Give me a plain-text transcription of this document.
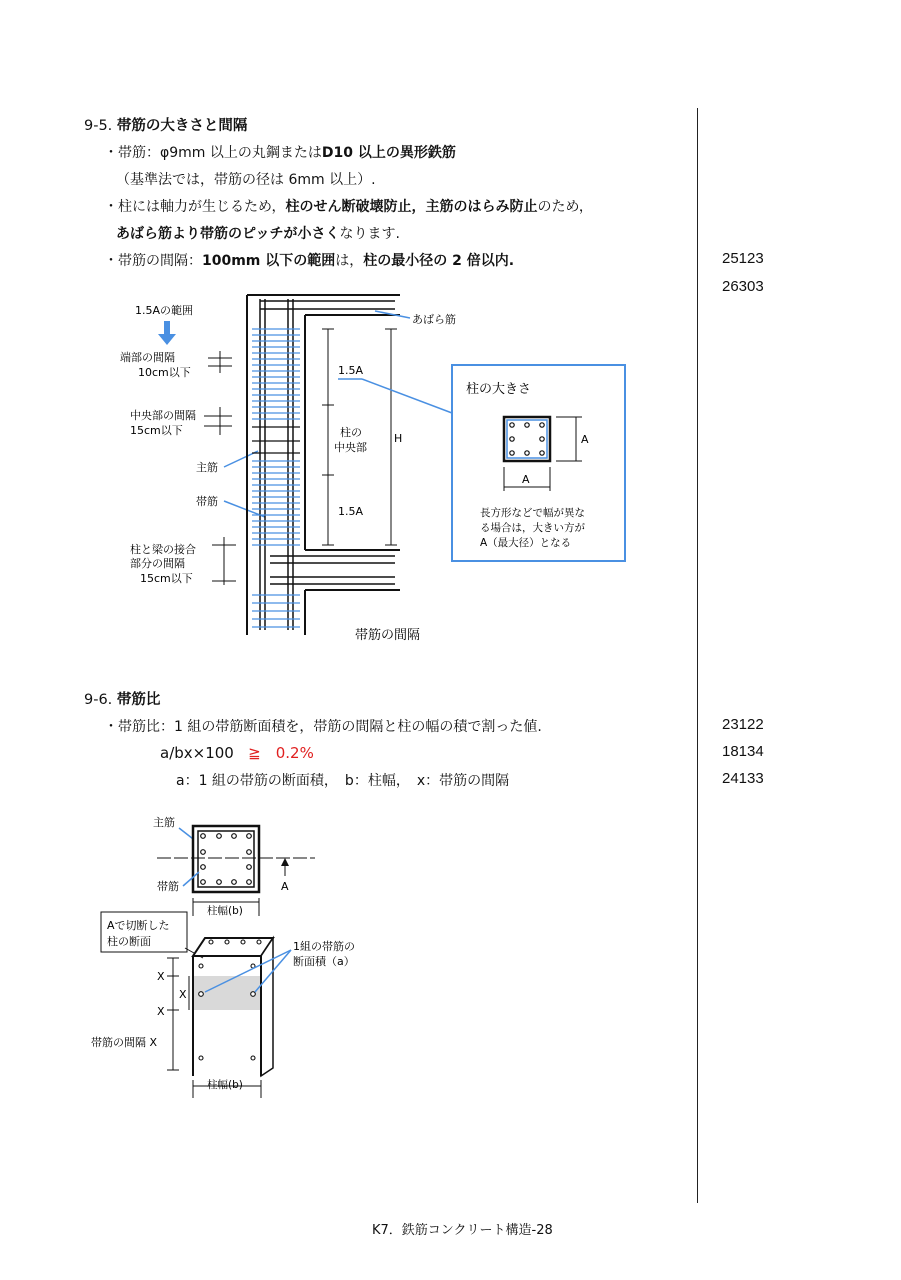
9-5. 帯筋の大きさと間隔
・帯筋：φ9mm 以上の丸鋼またはD10 以上の異形鉄筋
（基準法では，帯筋の径は 6mm 以上）.
・柱には軸力が生じるため，柱のせん断破壊防止，主筋のはらみ防止のため，
あばら筋より帯筋のピッチが小さくなります.
・帯筋の間隔：100mm 以下の範囲は，柱の最小径の 2 倍以内.	25123
26303
1.5Aの範囲
端部の間隔
10cm以下
中央部の間隔
15cm以下
主筋
帯筋
柱と梁の接合
部分の間隔
15cm以下
1.5A
柱の
中央部
1.5A
H
あばら筋
帯筋の間隔
柱の大きさ
A
A
長方形などで幅が異な
る場合は，大きい方が
A（最大径）となる
9-6. 帯筋比
・帯筋比：1 組の帯筋断面積を，帯筋の間隔と柱の幅の積で割った値.
a/bx×100 ≧　0.2%
a：1 組の帯筋の断面積，　b：柱幅，　x：帯筋の間隔
23122
18134
24133
主筋
帯筋	A
柱幅(b)
Aで切断した
柱の断面	1組の帯筋の
断面積（a）
X
X
X
帯筋の間隔 X
柱幅(b)
K7．鉄筋コンクリート構造-28
